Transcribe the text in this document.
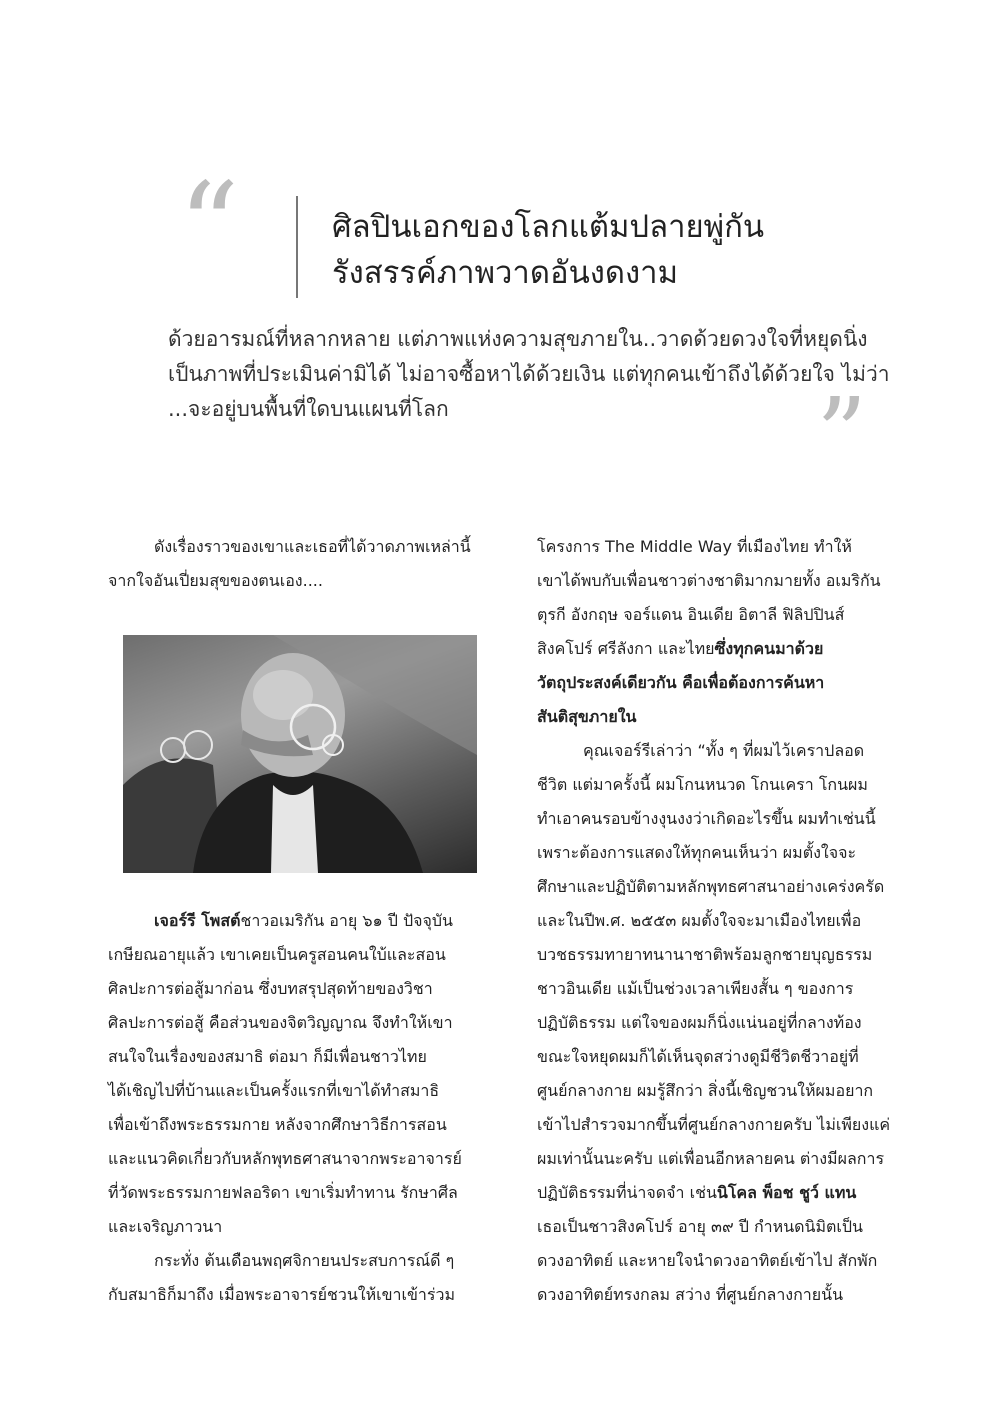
“	ศิลปินเอกของโลกแต้มปลายพู่กัน
รังสรรค์ภาพวาดอันงดงาม
ด้วยอารมณ์ที่หลากหลาย แต่ภาพแห่งความสุขภายใน..วาดด้วยดวงใจที่หยุดนิ่ง
เป็นภาพที่ประเมินค่ามิได้ ไม่อาจซื้อหาได้ด้วยเงิน แต่ทุกคนเข้าถึงได้ด้วยใจ ไม่ว่า
...จะอยู่บนพื้นที่ใดบนแผนที่โลก	”
ดังเรื่องราวของเขาและเธอที่ได้วาดภาพเหล่านี้
จากใจอันเปี่ยมสุขของตนเอง....
เจอร์รี โพสต์ ชาวอเมริกัน อายุ ๖๑ ปี ปัจจุบัน
เกษียณอายุแล้ว เขาเคยเป็นครูสอนคนใบ้และสอน
ศิลปะการต่อสู้มาก่อน ซึ่งบทสรุปสุดท้ายของวิชา
ศิลปะการต่อสู้ คือส่วนของจิตวิญญาณ จึงทำให้เขา
สนใจในเรื่องของสมาธิ ต่อมา ก็มีเพื่อนชาวไทย
ได้เชิญไปที่บ้านและเป็นครั้งแรกที่เขาได้ทำสมาธิ
เพื่อเข้าถึงพระธรรมกาย หลังจากศึกษาวิธีการสอน
และแนวคิดเกี่ยวกับหลักพุทธศาสนาจากพระอาจารย์
ที่วัดพระธรรมกายฟลอริดา เขาเริ่มทำทาน รักษาศีล
และเจริญภาวนา
กระทั่ง ต้นเดือนพฤศจิกายนประสบการณ์ดี ๆ
กับสมาธิก็มาถึง เมื่อพระอาจารย์ชวนให้เขาเข้าร่วม
โครงการ The Middle Way ที่เมืองไทย ทำให้
เขาได้พบกับเพื่อนชาวต่างชาติมากมายทั้ง อเมริกัน
ตุรกี อังกฤษ จอร์แดน อินเดีย อิตาลี ฟิลิปปินส์
สิงคโปร์ ศรีลังกา และไทย ซึ่งทุกคนมาด้วย
วัตถุประสงค์เดียวกัน คือเพื่อต้องการค้นหา
สันติสุขภายใน
คุณเจอร์รีเล่าว่า “ทั้ง ๆ ที่ผมไว้เคราปลอด
ชีวิต แต่มาครั้งนี้ ผมโกนหนวด โกนเครา โกนผม
ทำเอาคนรอบข้างงุนงงว่าเกิดอะไรขึ้น ผมทำเช่นนี้
เพราะต้องการแสดงให้ทุกคนเห็นว่า ผมตั้งใจจะ
ศึกษาและปฏิบัติตามหลักพุทธศาสนาอย่างเคร่งครัด
และในปีพ.ศ. ๒๕๕๓ ผมตั้งใจจะมาเมืองไทยเพื่อ
บวชธรรมทายาทนานาชาติพร้อมลูกชายบุญธรรม
ชาวอินเดีย แม้เป็นช่วงเวลาเพียงสั้น ๆ ของการ
ปฏิบัติธรรม แต่ใจของผมก็นิ่งแน่นอยู่ที่กลางท้อง
ขณะใจหยุดผมก็ได้เห็นจุดสว่างดูมีชีวิตชีวาอยู่ที่
ศูนย์กลางกาย ผมรู้สึกว่า สิ่งนี้เชิญชวนให้ผมอยาก
เข้าไปสำรวจมากขึ้นที่ศูนย์กลางกายครับ ไม่เพียงแค่
ผมเท่านั้นนะครับ แต่เพื่อนอีกหลายคน ต่างมีผลการ
ปฏิบัติธรรมที่น่าจดจำ เช่น นิโคล พ็อช ชูว์ แทน
เธอเป็นชาวสิงคโปร์ อายุ ๓๙ ปี กำหนดนิมิตเป็น
ดวงอาทิตย์ และหายใจนำดวงอาทิตย์เข้าไป สักพัก
ดวงอาทิตย์ทรงกลม สว่าง ที่ศูนย์กลางกายนั้น
